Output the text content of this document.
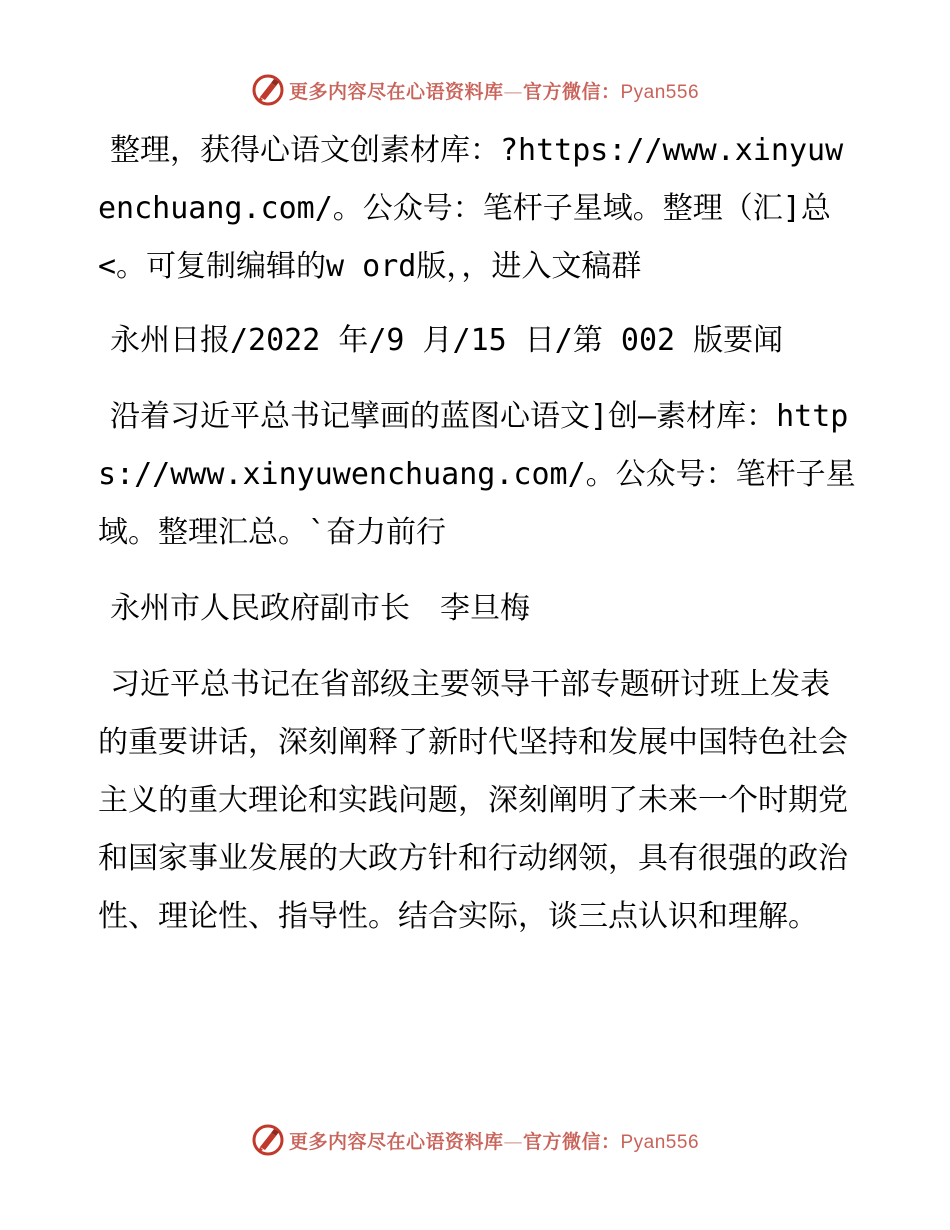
更多内容尽在心语资料库—官方微信：Pyan556

整理，获得心语文创素材库：?https://www.xinyuwenchuang.com/。公众号：笔杆子星域。整理（汇]总<。可复制编辑的w ord版，，进入文稿群

永州日报/2022 年/9 月/15 日/第 002 版要闻

沿着习近平总书记擘画的蓝图心语文]创—素材库：https://www.xinyuwenchuang.com/。公众号：笔杆子星域。整理汇总。`奋力前行

永州市人民政府副市长　李旦梅

习近平总书记在省部级主要领导干部专题研讨班上发表的重要讲话，深刻阐释了新时代坚持和发展中国特色社会主义的重大理论和实践问题，深刻阐明了未来一个时期党和国家事业发展的大政方针和行动纲领，具有很强的政治性、理论性、指导性。结合实际，谈三点认识和理解。

更多内容尽在心语资料库—官方微信：Pyan556
